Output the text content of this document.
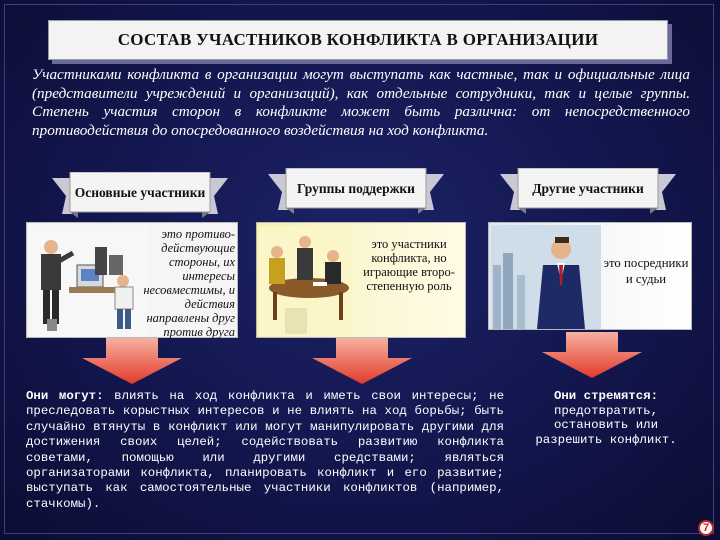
СОСТАВ УЧАСТНИКОВ КОНФЛИКТА В ОРГАНИЗАЦИИ
Участниками конфликта в организации могут выступать как частные, так и официальные лица (представители учреждений и организаций), как отдельные сотрудники, так и целые группы. Степень участия сторон в конфликте может быть различна: от непосредственного противодействия до опосредованного воздействия на ход конфликта.
Основные участники	Группы поддержки	Другие участники
это противо-действующие стороны, их интересы несовместимы, и действия направлены друг против друга
это участники конфликта, но играющие второ-степенную роль
это посредники и судьи
Они могут: влиять на ход конфликта и иметь свои интересы; не преследовать корыстных интересов и не влиять на ход борьбы; быть случайно втянуты в конфликт или могут манипулировать другими для достижения своих целей; содействовать развитию конфликта советами, помощью или другими средствами; являться организаторами конфликта, планировать конфликт и его развитие; выступать как самостоятельные участники конфликтов (например, стачкомы).
Они стремятся:
предотвратить, остановить или разрешить конфликт.
7
